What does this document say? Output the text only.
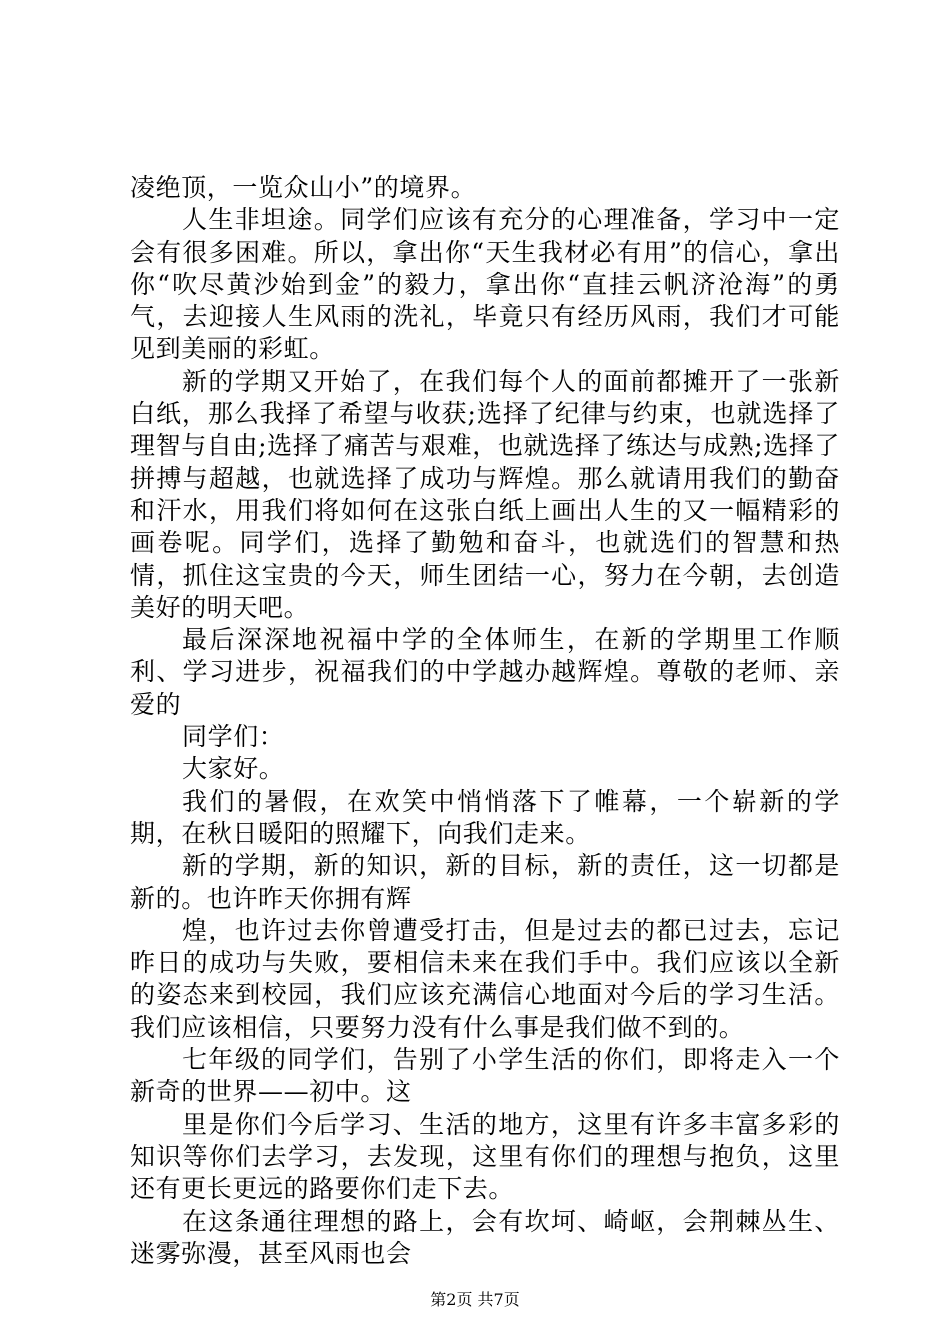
凌绝顶，一览众山小”的境界。

人生非坦途。同学们应该有充分的心理准备，学习中一定会有很多困难。所以，拿出你“天生我材必有用”的信心，拿出你“吹尽黄沙始到金”的毅力，拿出你“直挂云帆济沧海”的勇气，去迎接人生风雨的洗礼，毕竟只有经历风雨，我们才可能见到美丽的彩虹。

新的学期又开始了，在我们每个人的面前都摊开了一张新白纸，那么我择了希望与收获;选择了纪律与约束，也就选择了理智与自由;选择了痛苦与艰难，也就选择了练达与成熟;选择了拼搏与超越，也就选择了成功与辉煌。那么就请用我们的勤奋和汗水，用我们将如何在这张白纸上画出人生的又一幅精彩的画卷呢。同学们，选择了勤勉和奋斗，也就选们的智慧和热情，抓住这宝贵的今天，师生团结一心，努力在今朝，去创造美好的明天吧。

最后深深地祝福中学的全体师生，在新的学期里工作顺利、学习进步，祝福我们的中学越办越辉煌。尊敬的老师、亲爱的

同学们：

大家好。

我们的暑假，在欢笑中悄悄落下了帷幕，一个崭新的学期，在秋日暖阳的照耀下，向我们走来。

新的学期，新的知识，新的目标，新的责任，这一切都是新的。也许昨天你拥有辉

煌，也许过去你曾遭受打击，但是过去的都已过去，忘记昨日的成功与失败，要相信未来在我们手中。我们应该以全新的姿态来到校园，我们应该充满信心地面对今后的学习生活。我们应该相信，只要努力没有什么事是我们做不到的。

七年级的同学们，告别了小学生活的你们，即将走入一个新奇的世界——初中。这

里是你们今后学习、生活的地方，这里有许多丰富多彩的知识等你们去学习，去发现，这里有你们的理想与抱负，这里还有更长更远的路要你们走下去。

在这条通往理想的路上，会有坎坷、崎岖，会荆棘丛生、迷雾弥漫，甚至风雨也会

第2页 共7页
